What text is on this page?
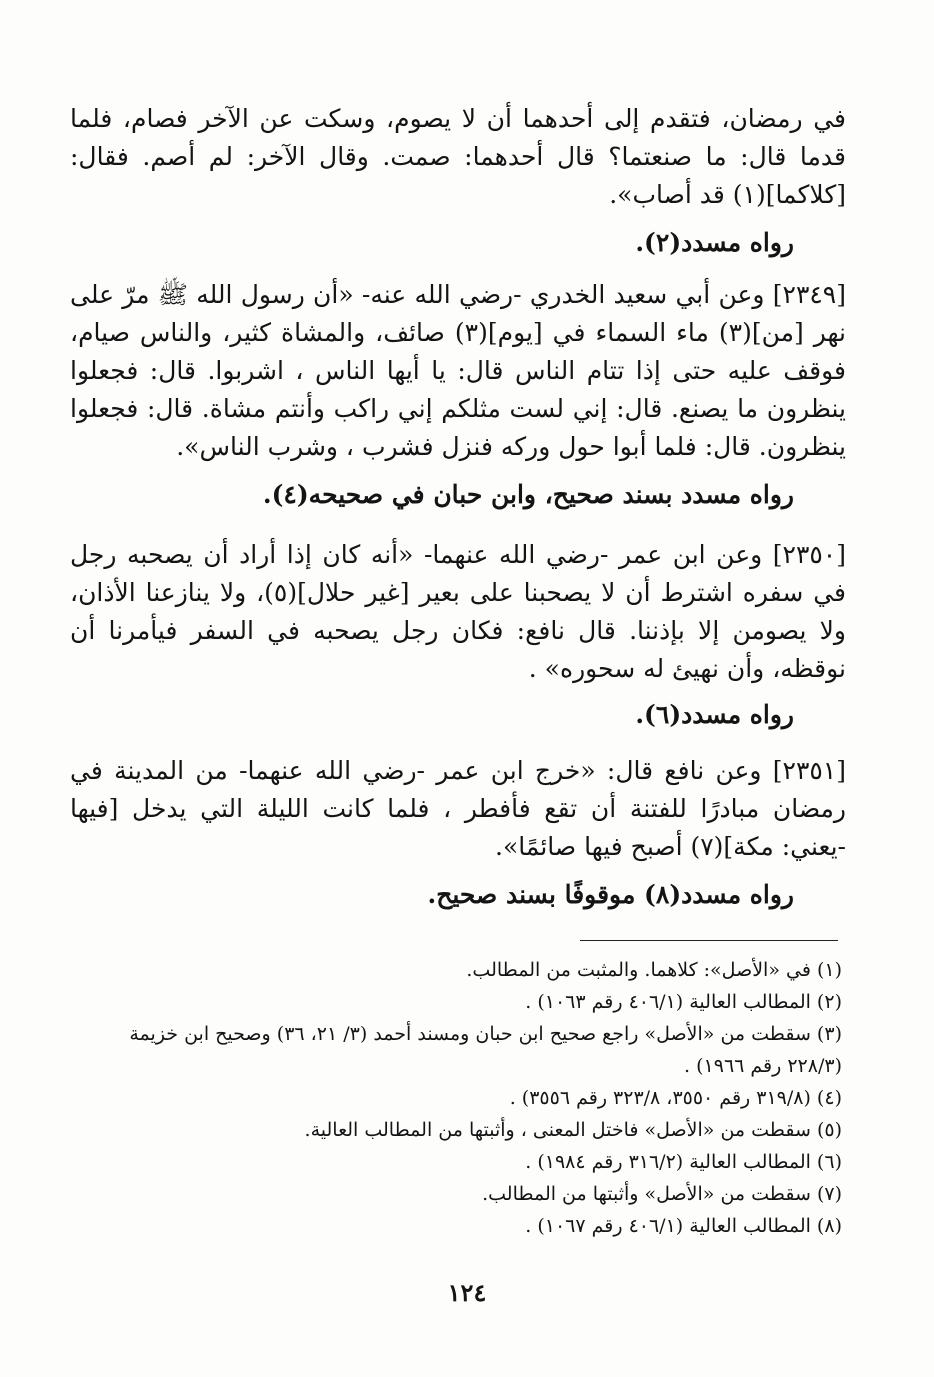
في رمضان، فتقدم إلى أحدهما أن لا يصوم، وسكت عن الآخر فصام، فلما قدما قال: ما صنعتما؟ قال أحدهما: صمت. وقال الآخر: لم أصم. فقال: [كلاكما](١) قد أصاب».

رواه مسدد(٢).

[٢٣٤٩] وعن أبي سعيد الخدري -رضي الله عنه- «أن رسول الله ﷺ مرّ على نهر [من](٣) ماء السماء في [يوم](٣) صائف، والمشاة كثير، والناس صيام، فوقف عليه حتى إذا تتام الناس قال: يا أيها الناس ، اشربوا. قال: فجعلوا ينظرون ما يصنع. قال: إني لست مثلكم إني راكب وأنتم مشاة. قال: فجعلوا ينظرون. قال: فلما أبوا حول وركه فنزل فشرب ، وشرب الناس».

رواه مسدد بسند صحيح، وابن حبان في صحيحه(٤).

[٢٣٥٠] وعن ابن عمر -رضي الله عنهما- «أنه كان إذا أراد أن يصحبه رجل في سفره اشترط أن لا يصحبنا على بعير [غير حلال](٥)، ولا ينازعنا الأذان، ولا يصومن إلا بإذننا. قال نافع: فكان رجل يصحبه في السفر فيأمرنا أن نوقظه، وأن نهيئ له سحوره» .

رواه مسدد(٦).

[٢٣٥١] وعن نافع قال: «خرج ابن عمر -رضي الله عنهما- من المدينة في رمضان مبادرًا للفتنة أن تقع فأفطر ، فلما كانت الليلة التي يدخل [فيها -يعني: مكة](٧) أصبح فيها صائمًا».

رواه مسدد(٨) موقوفًا بسند صحيح.

(١) في «الأصل»: كلاهما. والمثبت من المطالب.
(٢) المطالب العالية (٤٠٦/١ رقم ١٠٦٣) .
(٣) سقطت من «الأصل» راجع صحيح ابن حبان ومسند أحمد (٣/ ٢١، ٣٦) وصحيح ابن خزيمة (٢٢٨/٣ رقم ١٩٦٦) .
(٤) (٣١٩/٨ رقم ٣٥٥٠، ٣٢٣/٨ رقم ٣٥٥٦) .
(٥) سقطت من «الأصل» فاختل المعنى ، وأثبتها من المطالب العالية.
(٦) المطالب العالية (٣١٦/٢ رقم ١٩٨٤) .
(٧) سقطت من «الأصل» وأثبتها من المطالب.
(٨) المطالب العالية (٤٠٦/١ رقم ١٠٦٧) .
١٢٤
